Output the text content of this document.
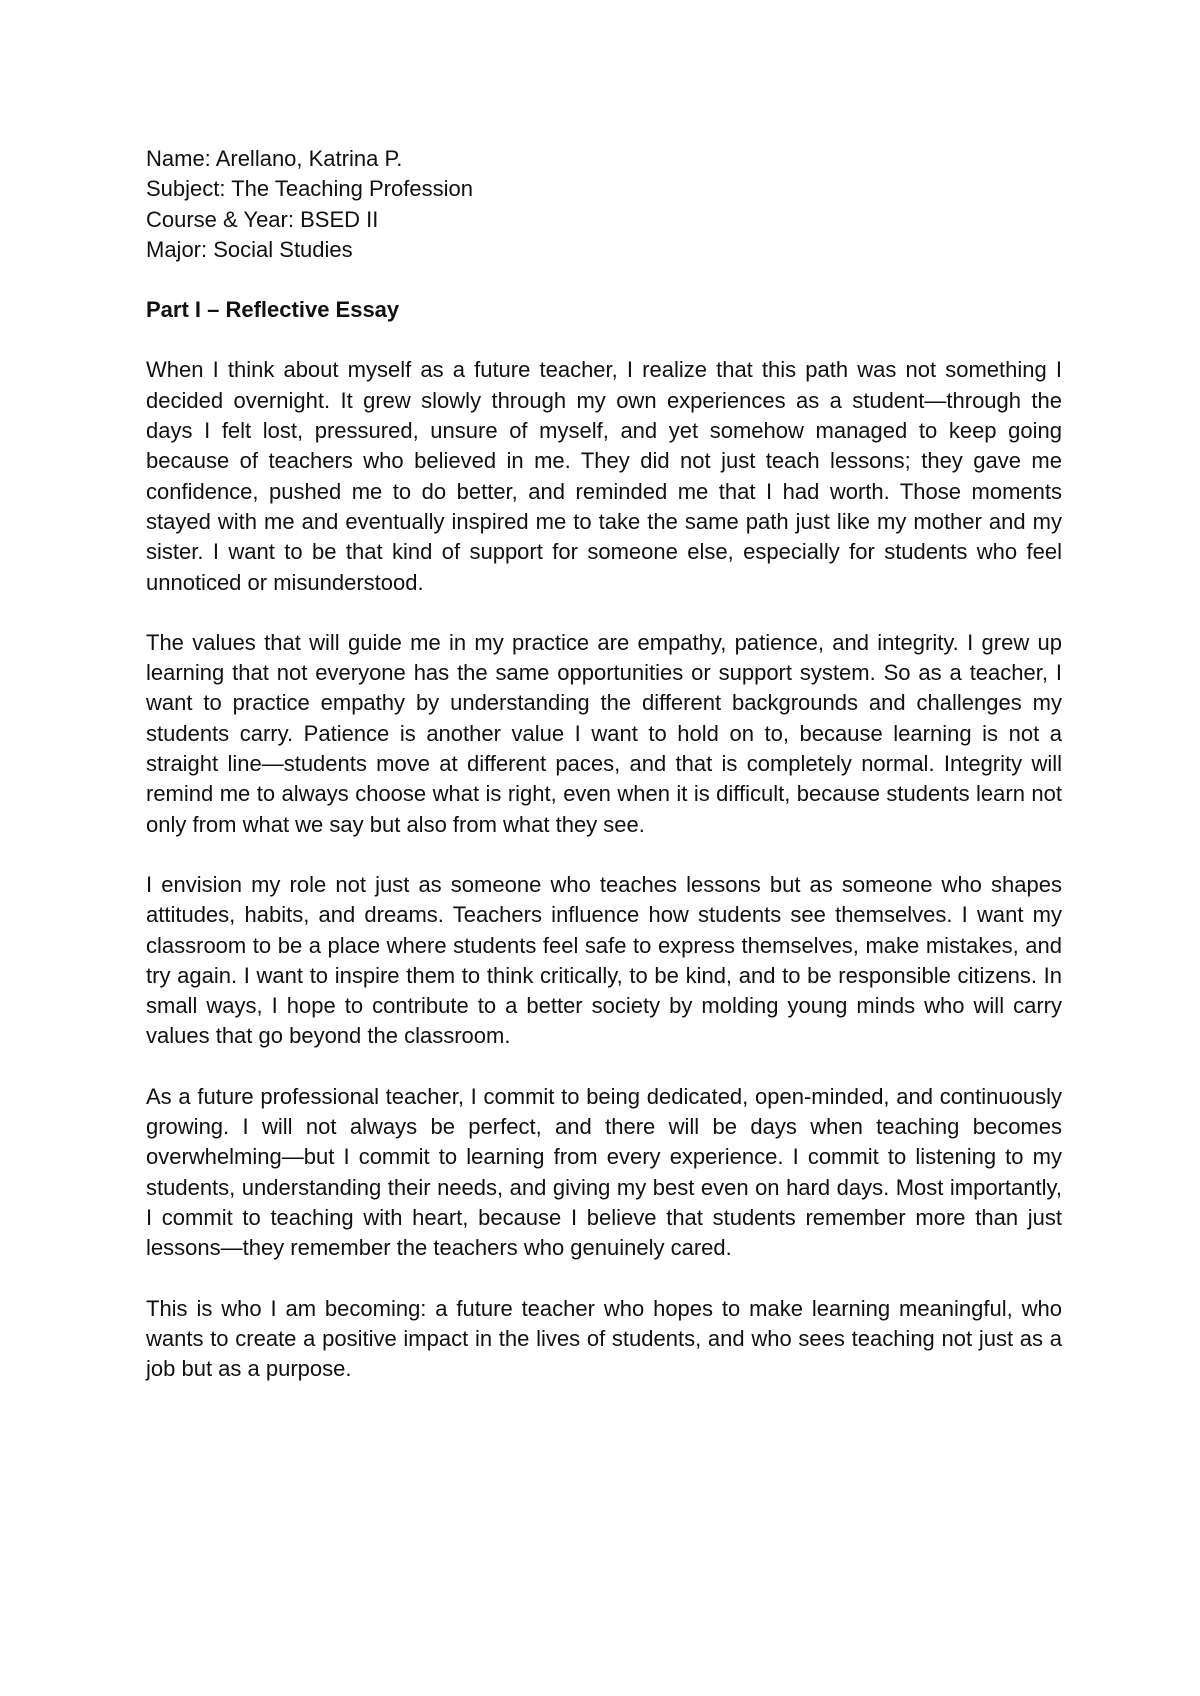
Name: Arellano, Katrina P.

Subject: The Teaching Profession

Course & Year: BSED II

Major: Social Studies

Part I – Reflective Essay

When I think about myself as a future teacher, I realize that this path was not something I decided overnight. It grew slowly through my own experiences as a student—through the days I felt lost, pressured, unsure of myself, and yet somehow managed to keep going because of teachers who believed in me. They did not just teach lessons; they gave me confidence, pushed me to do better, and reminded me that I had worth. Those moments stayed with me and eventually inspired me to take the same path just like my mother and my sister. I want to be that kind of support for someone else, especially for students who feel unnoticed or misunderstood.

The values that will guide me in my practice are empathy, patience, and integrity. I grew up learning that not everyone has the same opportunities or support system. So as a teacher, I want to practice empathy by understanding the different backgrounds and challenges my students carry. Patience is another value I want to hold on to, because learning is not a straight line—students move at different paces, and that is completely normal. Integrity will remind me to always choose what is right, even when it is difficult, because students learn not only from what we say but also from what they see.

I envision my role not just as someone who teaches lessons but as someone who shapes attitudes, habits, and dreams. Teachers influence how students see themselves. I want my classroom to be a place where students feel safe to express themselves, make mistakes, and try again. I want to inspire them to think critically, to be kind, and to be responsible citizens. In small ways, I hope to contribute to a better society by molding young minds who will carry values that go beyond the classroom.

As a future professional teacher, I commit to being dedicated, open-minded, and continuously growing. I will not always be perfect, and there will be days when teaching becomes overwhelming—but I commit to learning from every experience. I commit to listening to my students, understanding their needs, and giving my best even on hard days. Most importantly, I commit to teaching with heart, because I believe that students remember more than just lessons—they remember the teachers who genuinely cared.

This is who I am becoming: a future teacher who hopes to make learning meaningful, who wants to create a positive impact in the lives of students, and who sees teaching not just as a job but as a purpose.
